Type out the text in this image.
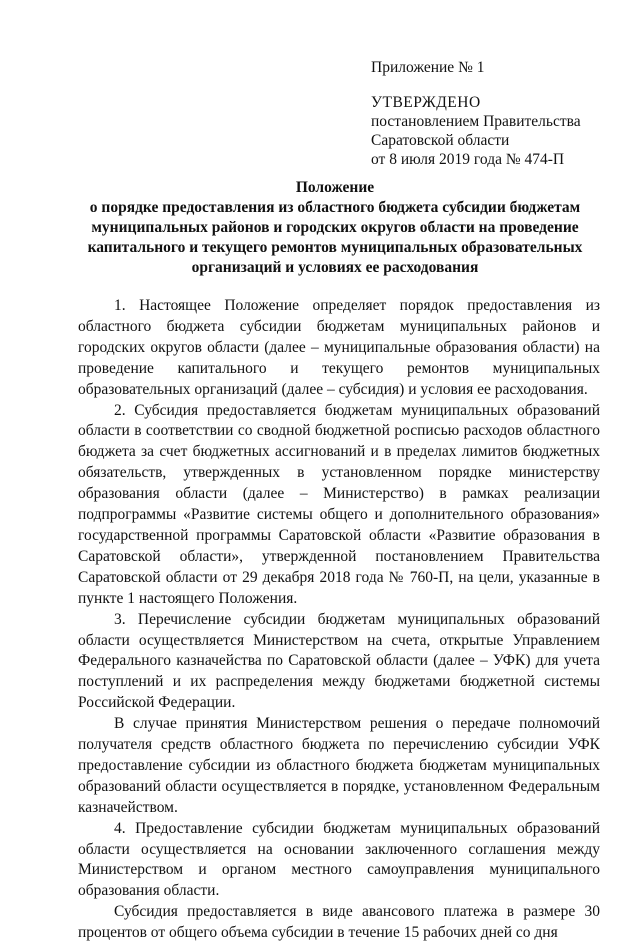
Приложение № 1
УТВЕРЖДЕНО
постановлением Правительства
Саратовской области
от 8 июля 2019 года № 474-П
Положение
о порядке предоставления из областного бюджета субсидии бюджетам
муниципальных районов и городских округов области на проведение
капитального и текущего ремонтов муниципальных образовательных
организаций и условиях ее расходования

1. Настоящее Положение определяет порядок предоставления из областного бюджета субсидии бюджетам муниципальных районов и городских округов области (далее – муниципальные образования области) на проведение капитального и текущего ремонтов муниципальных образовательных организаций (далее – субсидия) и условия ее расходования.

2. Субсидия предоставляется бюджетам муниципальных образований области в соответствии со сводной бюджетной росписью расходов областного бюджета за счет бюджетных ассигнований и в пределах лимитов бюджетных обязательств, утвержденных в установленном порядке министерству образования области (далее – Министерство) в рамках реализации подпрограммы «Развитие системы общего и дополнительного образования» государственной программы Саратовской области «Развитие образования в Саратовской области», утвержденной постановлением Правительства Саратовской области от 29 декабря 2018 года № 760-П, на цели, указанные в пункте 1 настоящего Положения.

3. Перечисление субсидии бюджетам муниципальных образований области осуществляется Министерством на счета, открытые Управлением Федерального казначейства по Саратовской области (далее – УФК) для учета поступлений и их распределения между бюджетами бюджетной системы Российской Федерации.

В случае принятия Министерством решения о передаче полномочий получателя средств областного бюджета по перечислению субсидии УФК предоставление субсидии из областного бюджета бюджетам муниципальных образований области осуществляется в порядке, установленном Федеральным казначейством.

4. Предоставление субсидии бюджетам муниципальных образований области осуществляется на основании заключенного соглашения между Министерством и органом местного самоуправления муниципального образования области.

Субсидия предоставляется в виде авансового платежа в размере 30 процентов от общего объема субсидии в течение 15 рабочих дней со дня
